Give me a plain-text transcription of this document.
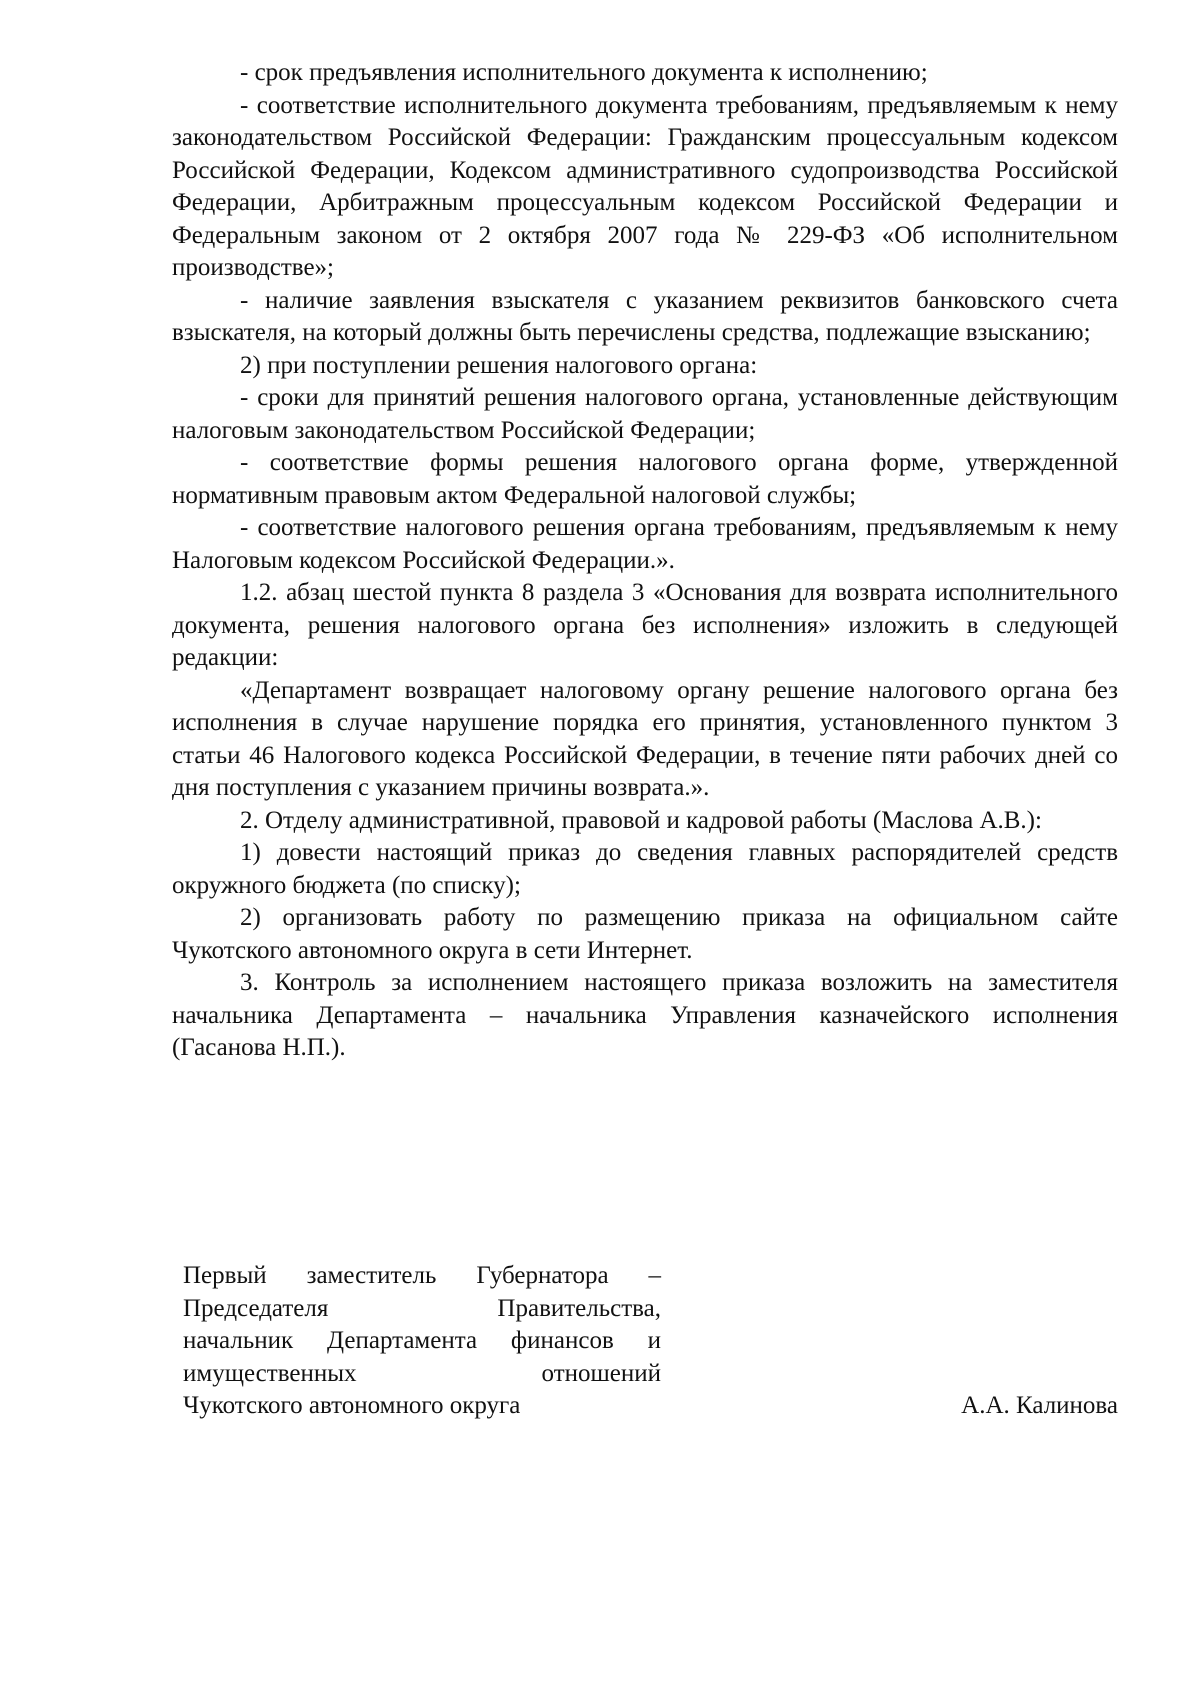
- срок предъявления исполнительного документа к исполнению;

- соответствие исполнительного документа требованиям, предъявляемым к нему законодательством Российской Федерации: Гражданским процессуальным кодексом Российской Федерации, Кодексом административного судопроизводства Российской Федерации, Арбитражным процессуальным кодексом Российской Федерации и Федеральным законом от 2 октября 2007 года № 229-ФЗ «Об исполнительном производстве»;

- наличие заявления взыскателя с указанием реквизитов банковского счета взыскателя, на который должны быть перечислены средства, подлежащие взысканию;

2) при поступлении решения налогового органа:

- сроки для принятий решения налогового органа, установленные действующим налоговым законодательством Российской Федерации;

- соответствие формы решения налогового органа форме, утвержденной нормативным правовым актом Федеральной налоговой службы;

- соответствие налогового решения органа требованиям, предъявляемым к нему Налоговым кодексом Российской Федерации.».

1.2. абзац шестой пункта 8 раздела 3 «Основания для возврата исполнительного документа, решения налогового органа без исполнения» изложить в следующей редакции:

«Департамент возвращает налоговому органу решение налогового органа без исполнения в случае нарушение порядка его принятия, установленного пунктом 3 статьи 46 Налогового кодекса Российской Федерации, в течение пяти рабочих дней со дня поступления с указанием причины возврата.».

2. Отделу административной, правовой и кадровой работы (Маслова А.В.):

1) довести настоящий приказ до сведения главных распорядителей средств окружного бюджета (по списку);

2) организовать работу по размещению приказа на официальном сайте Чукотского автономного округа в сети Интернет.

3. Контроль за исполнением настоящего приказа возложить на заместителя начальника Департамента – начальника Управления казначейского исполнения (Гасанова Н.П.).

Первый заместитель Губернатора –
Председателя Правительства,
начальник Департамента финансов и
имущественных отношений
Чукотского автономного округа	А.А. Калинова
